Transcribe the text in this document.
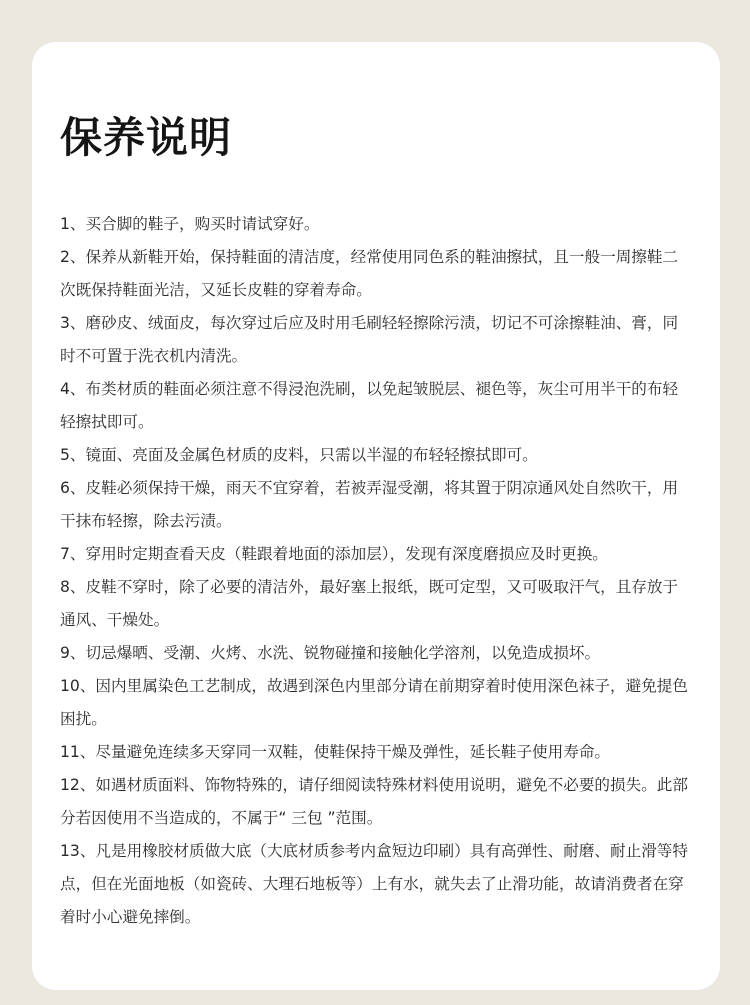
保养说明
1、买合脚的鞋子，购买时请试穿好。
2、保养从新鞋开始，保持鞋面的清洁度，经常使用同色系的鞋油擦拭，且一般一周擦鞋二次既保持鞋面光洁，又延长皮鞋的穿着寿命。
3、磨砂皮、绒面皮，每次穿过后应及时用毛刷轻轻擦除污渍，切记不可涂擦鞋油、膏，同时不可置于洗衣机内清洗。
4、布类材质的鞋面必须注意不得浸泡洗刷，以免起皱脱层、褪色等，灰尘可用半干的布轻轻擦拭即可。
5、镜面、亮面及金属色材质的皮料，只需以半湿的布轻轻擦拭即可。
6、皮鞋必须保持干燥，雨天不宜穿着，若被弄湿受潮，将其置于阴凉通风处自然吹干，用干抹布轻擦，除去污渍。
7、穿用时定期查看天皮（鞋跟着地面的添加层），发现有深度磨损应及时更换。
8、皮鞋不穿时，除了必要的清洁外，最好塞上报纸，既可定型，又可吸取汗气，且存放于通风、干燥处。
9、切忌爆晒、受潮、火烤、水洗、锐物碰撞和接触化学溶剂，以免造成损坏。
10、因内里属染色工艺制成，故遇到深色内里部分请在前期穿着时使用深色袜子，避免提色困扰。
11、尽量避免连续多天穿同一双鞋，使鞋保持干燥及弹性，延长鞋子使用寿命。
12、如遇材质面料、饰物特殊的，请仔细阅读特殊材料使用说明，避免不必要的损失。此部分若因使用不当造成的，不属于“ 三包 ”范围。
13、凡是用橡胶材质做大底（大底材质参考内盒短边印刷）具有高弹性、耐磨、耐止滑等特点，但在光面地板（如瓷砖、大理石地板等）上有水，就失去了止滑功能，故请消费者在穿着时小心避免摔倒。
